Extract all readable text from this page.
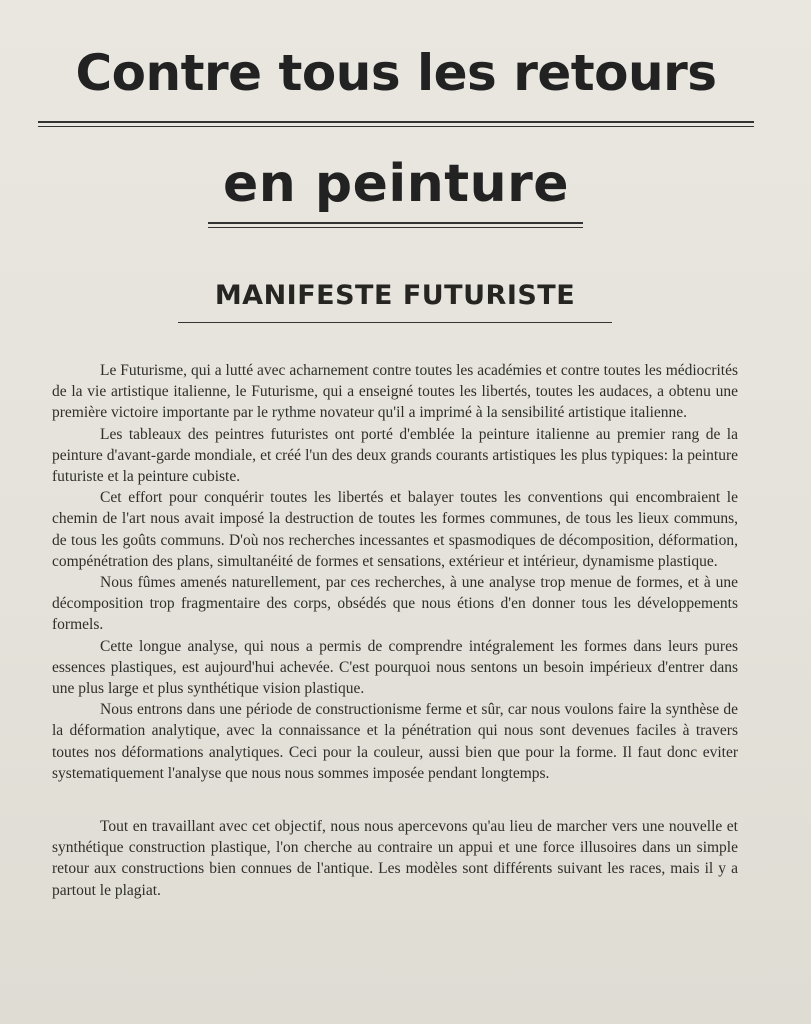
Contre tous les retours
en peinture
MANIFESTE FUTURISTE

Le Futurisme, qui a lutté avec acharnement contre toutes les académies et contre toutes les médiocrités de la vie artistique italienne, le Futurisme, qui a enseigné toutes les libertés, toutes les audaces, a obtenu une première victoire importante par le rythme novateur qu'il a imprimé à la sensibilité artistique italienne.

Les tableaux des peintres futuristes ont porté d'emblée la peinture italienne au premier rang de la peinture d'avant-garde mondiale, et créé l'un des deux grands courants artistiques les plus typiques: la peinture futuriste et la peinture cubiste.

Cet effort pour conquérir toutes les libertés et balayer toutes les conventions qui encombraient le chemin de l'art nous avait imposé la destruction de toutes les formes communes, de tous les lieux communs, de tous les goûts communs. D'où nos recherches incessantes et spasmodiques de décomposition, déformation, compénétration des plans, simultanéité de formes et sensations, extérieur et intérieur, dynamisme plastique.

Nous fûmes amenés naturellement, par ces recherches, à une analyse trop menue de formes, et à une décomposition trop fragmentaire des corps, obsédés que nous étions d'en donner tous les développements formels.

Cette longue analyse, qui nous a permis de comprendre intégralement les formes dans leurs pures essences plastiques, est aujourd'hui achevée. C'est pourquoi nous sentons un besoin impérieux d'entrer dans une plus large et plus synthétique vision plastique.

Nous entrons dans une période de constructionisme ferme et sûr, car nous voulons faire la synthèse de la déformation analytique, avec la connaissance et la pénétration qui nous sont devenues faciles à travers toutes nos déformations analytiques. Ceci pour la couleur, aussi bien que pour la forme. Il faut donc eviter systematiquement l'analyse que nous nous sommes imposée pendant longtemps.

Tout en travaillant avec cet objectif, nous nous apercevons qu'au lieu de marcher vers une nouvelle et synthétique construction plastique, l'on cherche au contraire un appui et une force illusoires dans un simple retour aux constructions bien connues de l'antique. Les modèles sont différents suivant les races, mais il y a partout le plagiat.
